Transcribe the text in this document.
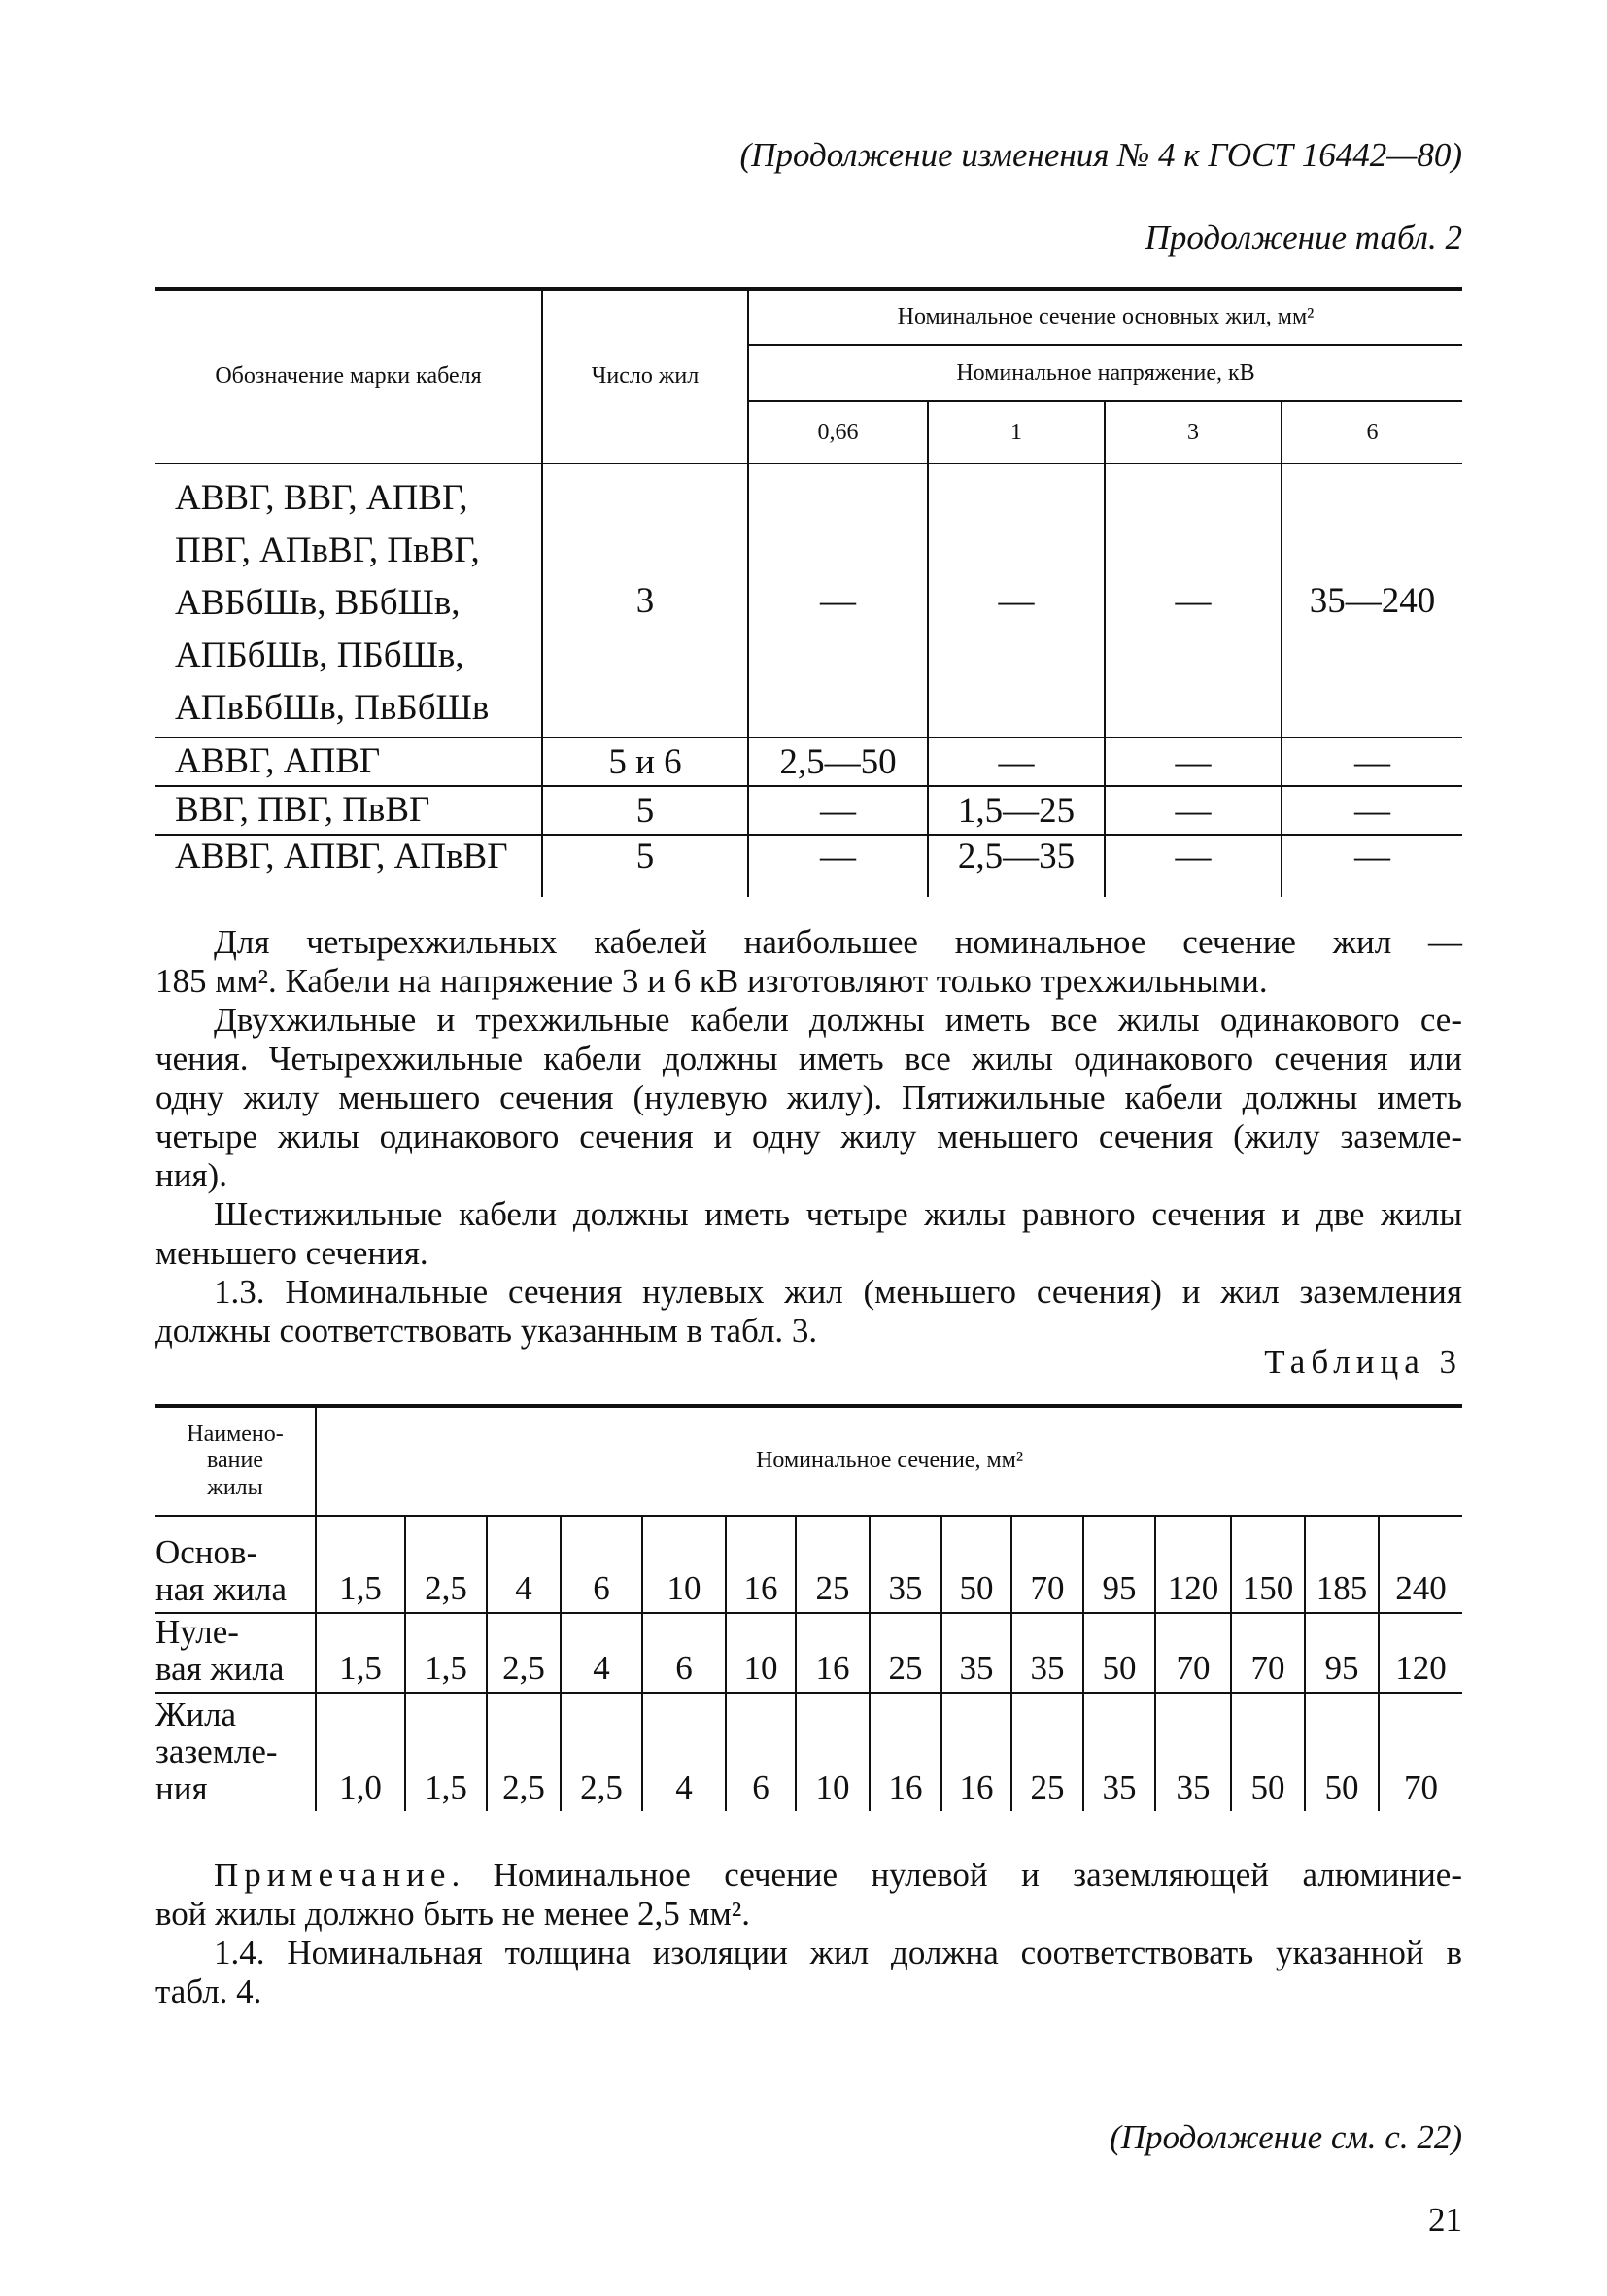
(Продолжение изменения № 4 к ГОСТ 16442—80)
Продолжение табл. 2
Обозначение марки кабеля	Число жил	Номинальное сечение основных жил, мм²			
		Номинальное напряжение, кВ			
		0,66	1	3	6

АВВГ, ВВГ, АПВГ,
ПВГ, АПвВГ, ПвВГ,
АВБбШв, ВБбШв,
АПБбШв, ПБбШв,
АПвБбШв, ПвБбШв	3	—	—	—	35—240
АВВГ, АПВГ	5 и 6	2,5—50	—	—	—
ВВГ, ПВГ, ПвВГ	5	—	1,5—25	—	—
АВВГ, АПВГ, АПвВГ	5	—	2,5—35	—	—
Для четырехжильных кабелей наибольшее номинальное сечение жил —
185 мм². Кабели на напряжение 3 и 6 кВ изготовляют только трехжильными.
Двухжильные и трехжильные кабели должны иметь все жилы одинакового се-
чения. Четырехжильные кабели должны иметь все жилы одинакового сечения или
одну жилу меньшего сечения (нулевую жилу). Пятижильные кабели должны иметь
четыре жилы одинакового сечения и одну жилу меньшего сечения (жилу заземле-
ния).
Шестижильные кабели должны иметь четыре жилы равного сечения и две жилы
меньшего сечения.
1.3. Номинальные сечения нулевых жил (меньшего сечения) и жил заземления
должны соответствовать указанным в табл. 3.
Таблица 3
Наимено-
вание
жилы	Номинальное сечение, мм²														

Основ-
ная жила	1,5	2,5	4	6	10	16	25	35	50	70	95	120	150	185	240

Нуле-
вая жила	1,5	1,5	2,5	4	6	10	16	25	35	35	50	70	70	95	120

Жила
заземле-
ния	1,0	1,5	2,5	2,5	4	6	10	16	16	25	35	35	50	50	70
Примечание. Номинальное сечение нулевой и заземляющей алюминие-
вой жилы должно быть не менее 2,5 мм².
1.4. Номинальная толщина изоляции жил должна соответствовать указанной в
табл. 4.
(Продолжение см. с. 22)
21
